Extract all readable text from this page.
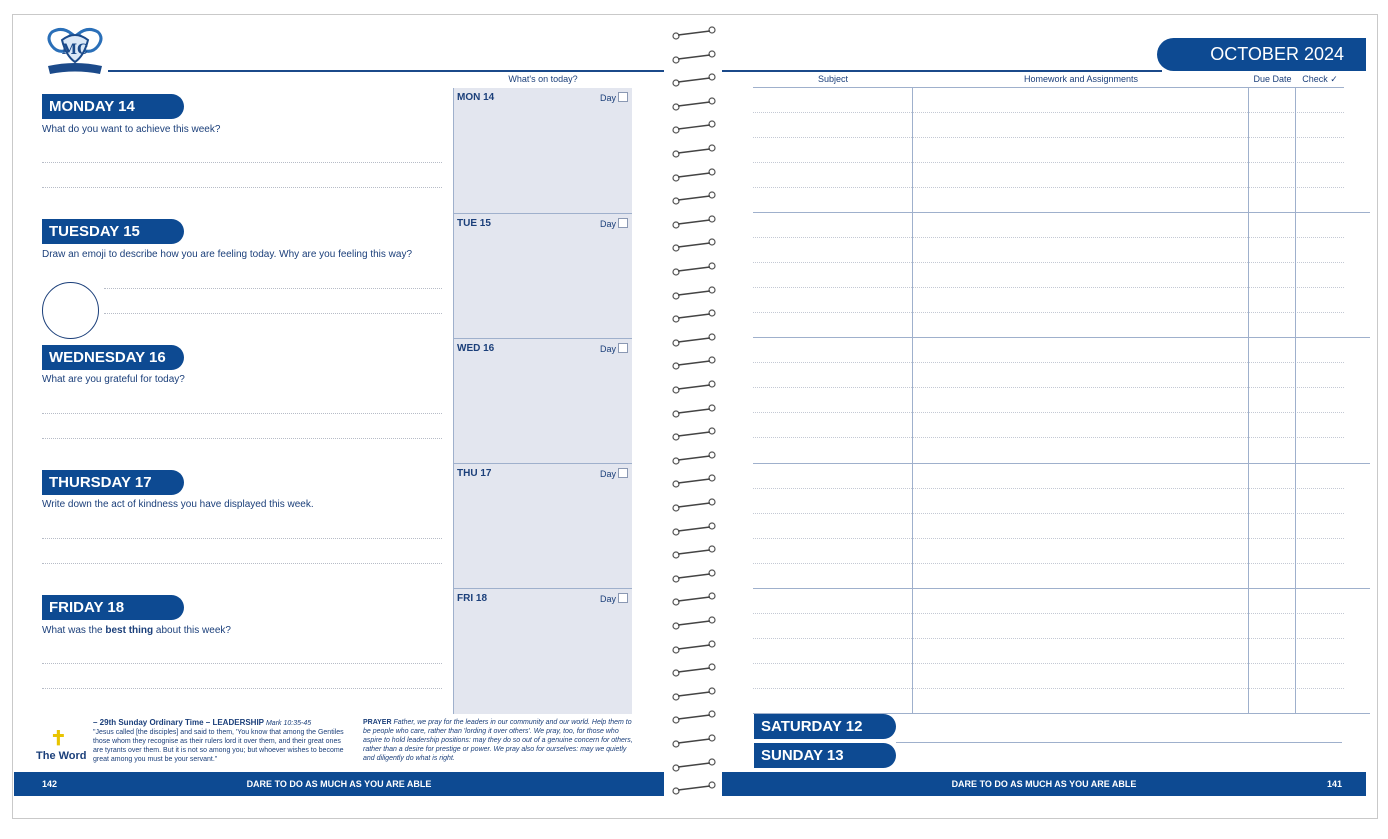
MC
What's on today?
MON 14	Day
TUE 15	Day
WED 16	Day
THU 17	Day
FRI 18	Day
MONDAY 14
What do you want to achieve this week?
TUESDAY 15
Draw an emoji to describe how you are feeling today. Why are you feeling this way?
WEDNESDAY 16
What are you grateful for today?
THURSDAY 17
Write down the act of kindness you have displayed this week.
FRIDAY 18
What was the best thing about this week?
✝
The Word
– 29th Sunday Ordinary Time – LEADERSHIP Mark 10:35-45
"Jesus called [the disciples] and said to them, 'You know that among the Gentiles those whom they recognise as their rulers lord it over them, and their great ones are tyrants over them. But it is not so among you; but whoever wishes to become great among you must be your servant."
PRAYER Father, we pray for the leaders in our community and our world. Help them to be people who care, rather than 'lording it over others'. We pray, too, for those who aspire to hold leadership positions: may they do so out of a genuine concern for others, rather than a desire for prestige or power. We pray also for ourselves: may we quietly and diligently do what is right.
142	DARE TO DO AS MUCH AS YOU ARE ABLE
OCTOBER 2024
Subject	Homework and Assignments	Due Date	Check ✓
SATURDAY 12
SUNDAY 13
DARE TO DO AS MUCH AS YOU ARE ABLE	141
